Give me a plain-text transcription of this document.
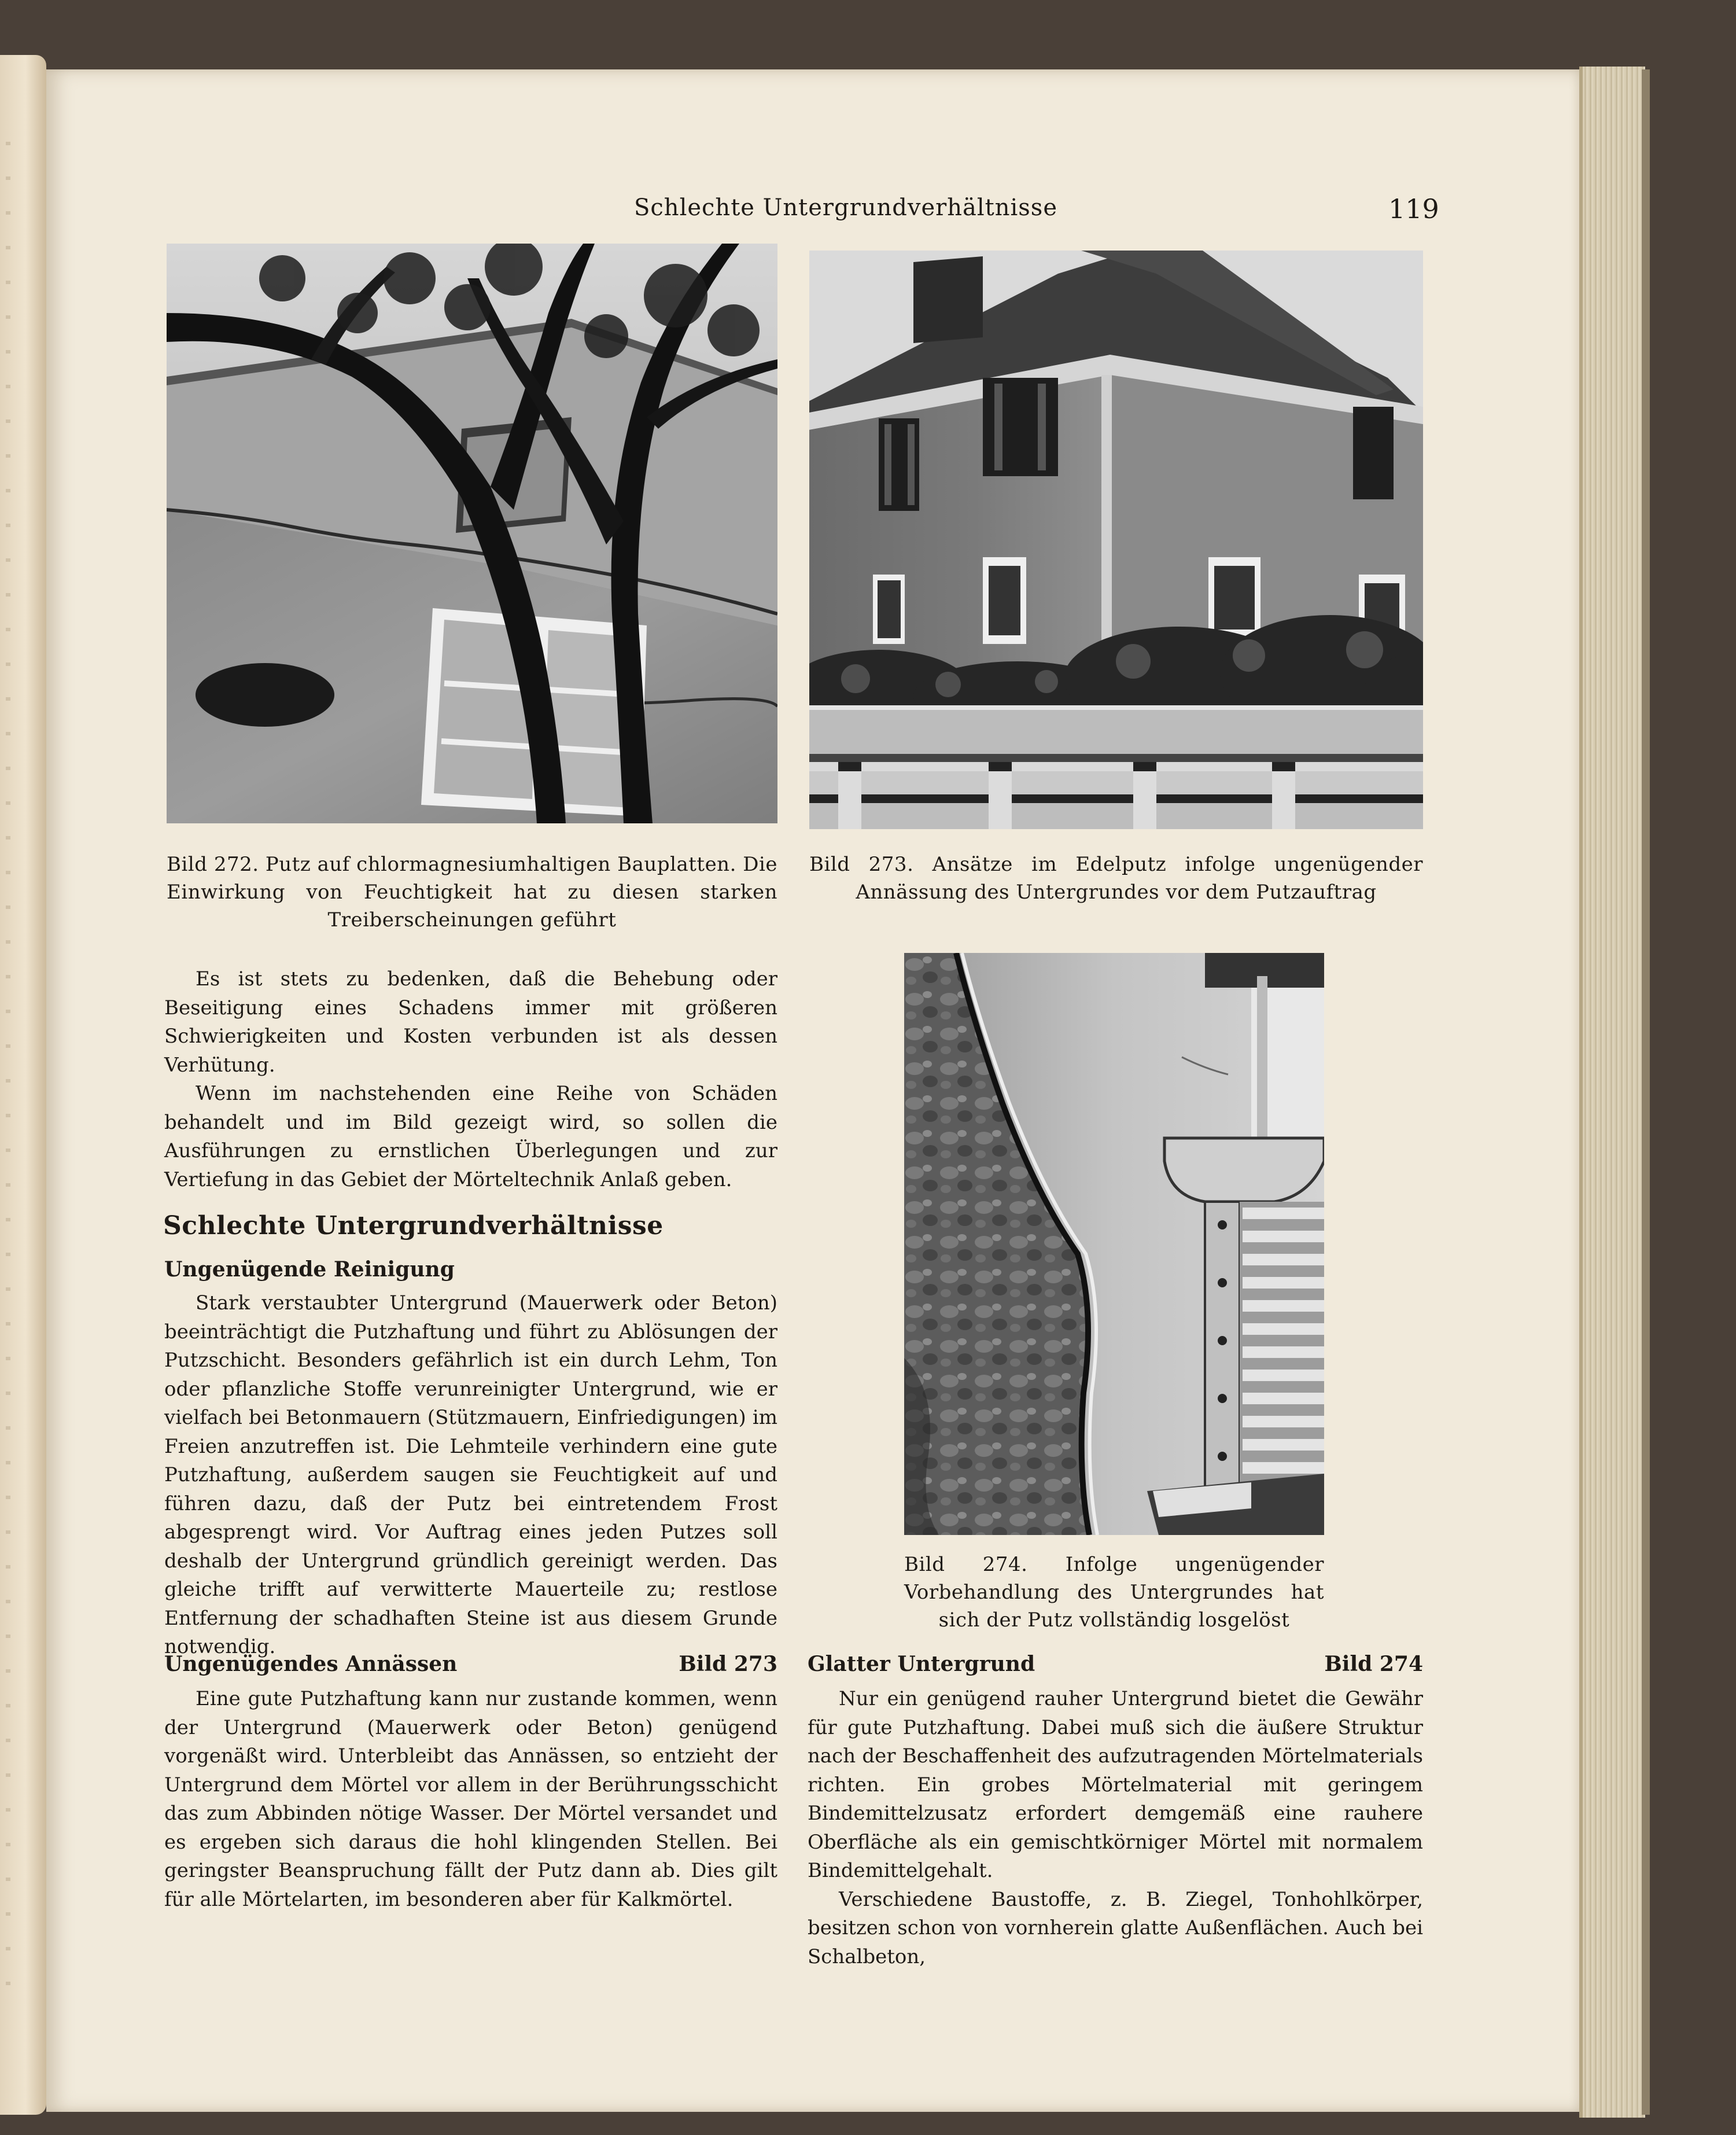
Schlechte Untergrundverhältnisse	119
Bild 272. Putz auf chlormagnesiumhaltigen Bauplatten. Die Einwirkung von Feuchtigkeit hat zu diesen starken Treiberscheinungen geführt
Bild 273. Ansätze im Edelputz infolge ungenügender Annässung des Untergrundes vor dem Putzauftrag

Es ist stets zu bedenken, daß die Behebung oder Beseitigung eines Schadens immer mit größeren Schwierigkeiten und Kosten verbunden ist als dessen Verhütung.

Wenn im nachstehenden eine Reihe von Schäden behandelt und im Bild gezeigt wird, so sollen die Ausführungen zu ernstlichen Überlegungen und zur Vertiefung in das Gebiet der Mörteltechnik Anlaß geben.

Schlechte Untergrundverhältnisse
Ungenügende Reinigung

Stark verstaubter Untergrund (Mauerwerk oder Beton) beeinträchtigt die Putzhaftung und führt zu Ablösungen der Putzschicht. Besonders gefährlich ist ein durch Lehm, Ton oder pflanzliche Stoffe verunreinigter Untergrund, wie er vielfach bei Betonmauern (Stützmauern, Einfriedigungen) im Freien anzutreffen ist. Die Lehmteile verhindern eine gute Putzhaftung, außerdem saugen sie Feuchtigkeit auf und führen dazu, daß der Putz bei eintretendem Frost abgesprengt wird. Vor Auftrag eines jeden Putzes soll deshalb der Untergrund gründlich gereinigt werden. Das gleiche trifft auf verwitterte Mauerteile zu; restlose Entfernung der schadhaften Steine ist aus diesem Grunde notwendig.

Ungenügendes Annässen	Bild 273

Eine gute Putzhaftung kann nur zustande kommen, wenn der Untergrund (Mauerwerk oder Beton) genügend vorgenäßt wird. Unterbleibt das Annässen, so entzieht der Untergrund dem Mörtel vor allem in der Berührungsschicht das zum Abbinden nötige Wasser. Der Mörtel versandet und es ergeben sich daraus die hohl klingenden Stellen. Bei geringster Beanspruchung fällt der Putz dann ab. Dies gilt für alle Mörtelarten, im besonderen aber für Kalkmörtel.

Bild 274. Infolge ungenügender Vorbehandlung des Untergrundes hat sich der Putz vollständig losgelöst
Glatter Untergrund	Bild 274

Nur ein genügend rauher Untergrund bietet die Gewähr für gute Putzhaftung. Dabei muß sich die äußere Struktur nach der Beschaffenheit des aufzutragenden Mörtelmaterials richten. Ein grobes Mörtelmaterial mit geringem Bindemittelzusatz erfordert demgemäß eine rauhere Oberfläche als ein gemischtkörniger Mörtel mit normalem Bindemittelgehalt.

Verschiedene Baustoffe, z. B. Ziegel, Tonhohlkörper, besitzen schon von vornherein glatte Außenflächen. Auch bei Schalbeton,
